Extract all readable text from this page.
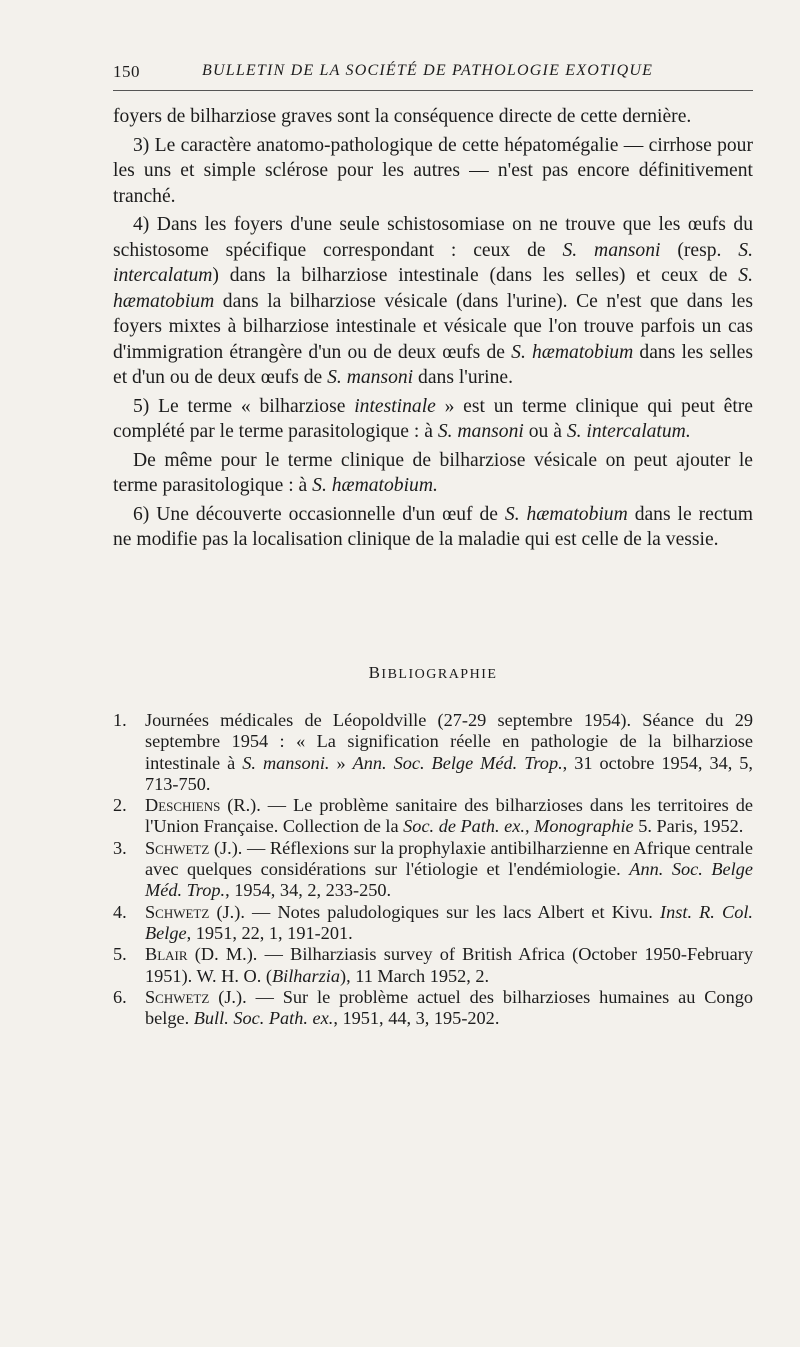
150	BULLETIN DE LA SOCIÉTÉ DE PATHOLOGIE EXOTIQUE

foyers de bilharziose graves sont la conséquence directe de cette dernière.

3) Le caractère anatomo-pathologique de cette hépatomégalie — cirrhose pour les uns et simple sclérose pour les autres — n'est pas encore définitivement tranché.

4) Dans les foyers d'une seule schistosomiase on ne trouve que les œufs du schistosome spécifique correspondant : ceux de S. mansoni (resp. S. intercalatum) dans la bilharziose intestinale (dans les selles) et ceux de S. hæmatobium dans la bilharziose vésicale (dans l'urine). Ce n'est que dans les foyers mixtes à bilharziose intestinale et vésicale que l'on trouve parfois un cas d'immigration étrangère d'un ou de deux œufs de S. hæmatobium dans les selles et d'un ou de deux œufs de S. mansoni dans l'urine.

5) Le terme « bilharziose intestinale » est un terme clinique qui peut être complété par le terme parasitologique : à S. mansoni ou à S. intercalatum.

De même pour le terme clinique de bilharziose vésicale on peut ajouter le terme parasitologique : à S. hæmatobium.

6) Une découverte occasionnelle d'un œuf de S. hæmatobium dans le rectum ne modifie pas la localisation clinique de la maladie qui est celle de la vessie.

BIBLIOGRAPHIE
1. Journées médicales de Léopoldville (27-29 septembre 1954). Séance du 29 septembre 1954 : « La signification réelle en pathologie de la bilharziose intestinale à S. mansoni. » Ann. Soc. Belge Méd. Trop., 31 octobre 1954, 34, 5, 713-750.
2. Deschiens (R.). — Le problème sanitaire des bilharzioses dans les territoires de l'Union Française. Collection de la Soc. de Path. ex., Monographie 5. Paris, 1952.
3. Schwetz (J.). — Réflexions sur la prophylaxie antibilharzienne en Afrique centrale avec quelques considérations sur l'étiologie et l'endémiologie. Ann. Soc. Belge Méd. Trop., 1954, 34, 2, 233-250.
4. Schwetz (J.). — Notes paludologiques sur les lacs Albert et Kivu. Inst. R. Col. Belge, 1951, 22, 1, 191-201.
5. Blair (D. M.). — Bilharziasis survey of British Africa (October 1950-February 1951). W. H. O. (Bilharzia), 11 March 1952, 2.
6. Schwetz (J.). — Sur le problème actuel des bilharzioses humaines au Congo belge. Bull. Soc. Path. ex., 1951, 44, 3, 195-202.
